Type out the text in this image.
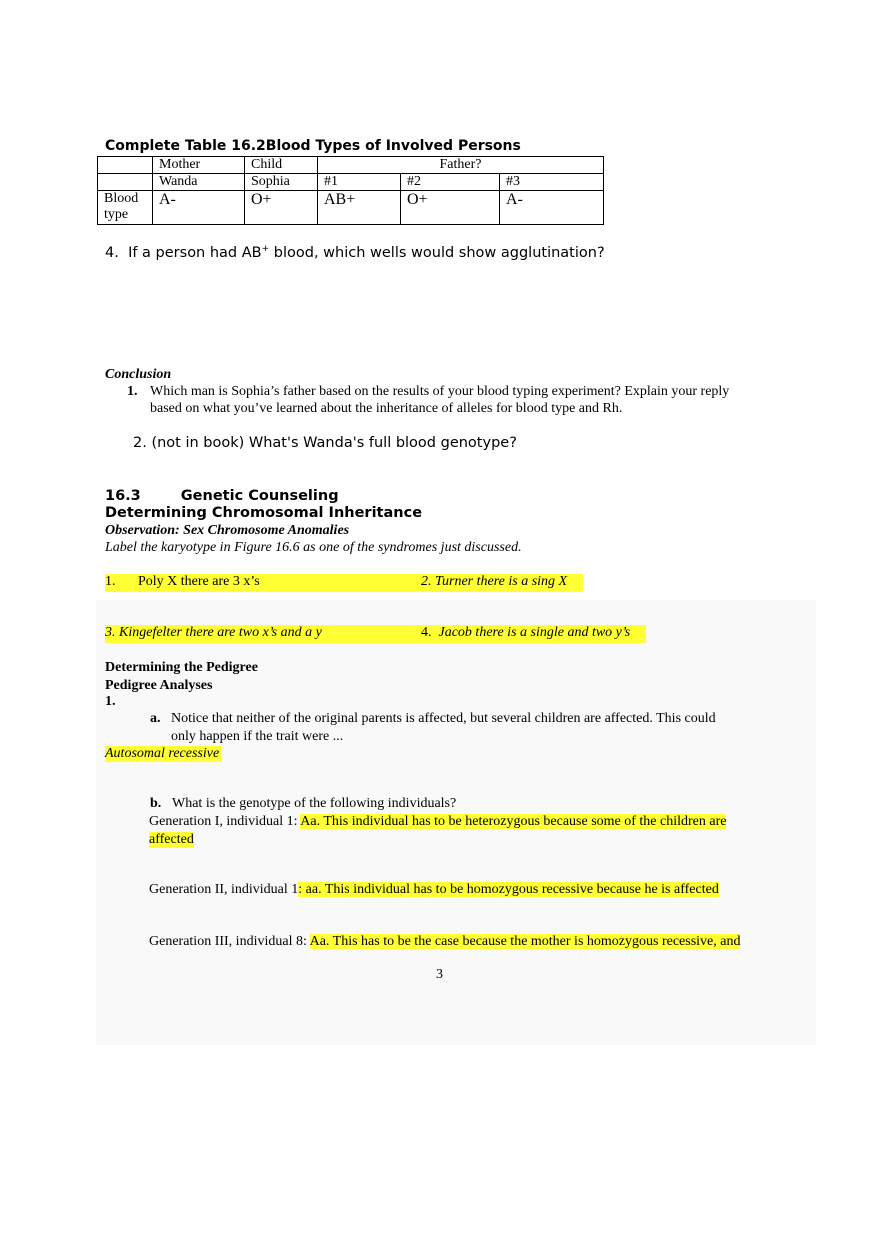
Complete Table 16.2Blood Types of Involved Persons
	Mother	Child	Father?		
	Wanda	Sophia	#1	#2	#3
Blood type	A-	O+	AB+	O+	A-
4. If a person had AB+ blood, which wells would show agglutination?
Conclusion
1. Which man is Sophia’s father based on the results of your blood typing experiment? Explain your reply
based on what you’ve learned about the inheritance of alleles for blood type and Rh.
2. (not in book) What's Wanda's full blood genotype?
16.3	Genetic Counseling
Determining Chromosomal Inheritance
Observation: Sex Chromosome Anomalies
Label the karyotype in Figure 16.6 as one of the syndromes just discussed.
1. Poly X there are 3 x’s	2. Turner there is a sing X
3. Kingefelter there are two x’s and a y	4. Jacob there is a single and two y’s
Determining the Pedigree
Pedigree Analyses
1.
a. Notice that neither of the original parents is affected, but several children are affected. This could
only happen if the trait were ...
Autosomal recessive
b. What is the genotype of the following individuals?
Generation I, individual 1: Aa. This individual has to be heterozygous because some of the children are
affected
Generation II, individual 1: aa. This individual has to be homozygous recessive because he is affected
Generation III, individual 8: Aa. This has to be the case because the mother is homozygous recessive, and
3
